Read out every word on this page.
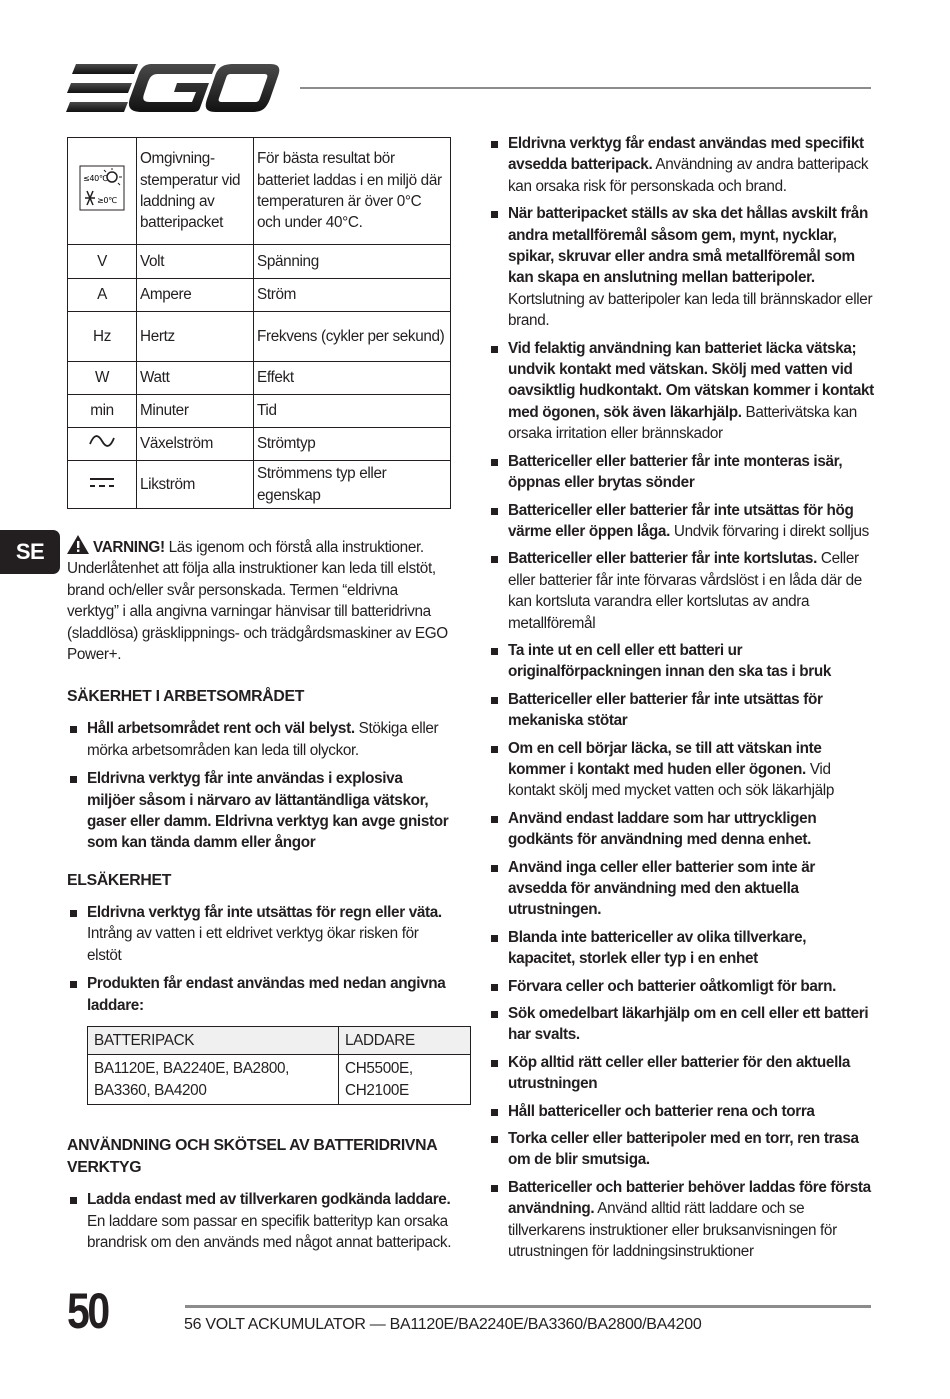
SE
≤40℃
≥0℃	Omgivning-stemperatur vid laddning av batteripacket	För bästa resultat bör batteriet laddas i en miljö där temperaturen är över 0°C och under 40°C.
V	Volt	Spänning
A	Ampere	Ström
Hz	Hertz	Frekvens (cykler per sekund)
W	Watt	Effekt
min	Minuter	Tid
	Växelström	Strömtyp
	Likström	Strömmens typ eller egenskap
VARNING! Läs igenom och förstå alla instruktioner. Underlåtenhet att följa alla instruktioner kan leda till elstöt, brand och/eller svår personskada. Termen “eldrivna verktyg” i alla angivna varningar hänvisar till batteridrivna (sladdlösa) gräsklippnings- och trädgårdsmaskiner av EGO Power+.
SÄKERHET I ARBETSOMRÅDET
Håll arbetsområdet rent och väl belyst. Stökiga eller mörka arbetsområden kan leda till olyckor.
Eldrivna verktyg får inte användas i explosiva miljöer såsom i närvaro av lättantändliga vätskor, gaser eller damm. Eldrivna verktyg kan avge gnistor som kan tända damm eller ångor
ELSÄKERHET
Eldrivna verktyg får inte utsättas för regn eller väta. Intrång av vatten i ett eldrivet verktyg ökar risken för elstöt
Produkten får endast användas med nedan angivna laddare:
BATTERIPACK	LADDARE
BA1120E, BA2240E, BA2800, BA3360, BA4200	CH5500E, CH2100E
ANVÄNDNING OCH SKÖTSEL AV BATTERIDRIVNA VERKTYG
Ladda endast med av tillverkaren godkända laddare. En laddare som passar en specifik batterityp kan orsaka brandrisk om den används med något annat batteripack.
Eldrivna verktyg får endast användas med specifikt avsedda batteripack. Användning av andra batteripack kan orsaka risk för personskada och brand.
När batteripacket ställs av ska det hållas avskilt från andra metallföremål såsom gem, mynt, nycklar, spikar, skruvar eller andra små metallföremål som kan skapa en anslutning mellan batteripoler. Kortslutning av batteripoler kan leda till brännskador eller brand.
Vid felaktig användning kan batteriet läcka vätska; undvik kontakt med vätskan. Skölj med vatten vid oavsiktlig hudkontakt. Om vätskan kommer i kontakt med ögonen, sök även läkarhjälp. Batterivätska kan orsaka irritation eller brännskador
Battericeller eller batterier får inte monteras isär, öppnas eller brytas sönder
Battericeller eller batterier får inte utsättas för hög värme eller öppen låga. Undvik förvaring i direkt solljus
Battericeller eller batterier får inte kortslutas. Celler eller batterier får inte förvaras vårdslöst i en låda där de kan kortsluta varandra eller kortslutas av andra metallföremål
Ta inte ut en cell eller ett batteri ur originalförpackningen innan den ska tas i bruk
Battericeller eller batterier får inte utsättas för mekaniska stötar
Om en cell börjar läcka, se till att vätskan inte kommer i kontakt med huden eller ögonen. Vid kontakt skölj med mycket vatten och sök läkarhjälp
Använd endast laddare som har uttryckligen godkänts för användning med denna enhet.
Använd inga celler eller batterier som inte är avsedda för användning med den aktuella utrustningen.
Blanda inte battericeller av olika tillverkare, kapacitet, storlek eller typ i en enhet
Förvara celler och batterier oåtkomligt för barn.
Sök omedelbart läkarhjälp om en cell eller ett batteri har svalts.
Köp alltid rätt celler eller batterier för den aktuella utrustningen
Håll battericeller och batterier rena och torra
Torka celler eller batteripoler med en torr, ren trasa om de blir smutsiga.
Battericeller och batterier behöver laddas före första användning. Använd alltid rätt laddare och se tillverkarens instruktioner eller bruksanvisningen för utrustningen för laddningsinstruktioner
50	56 VOLT ACKUMULATOR — BA1120E/BA2240E/BA3360/BA2800/BA4200
